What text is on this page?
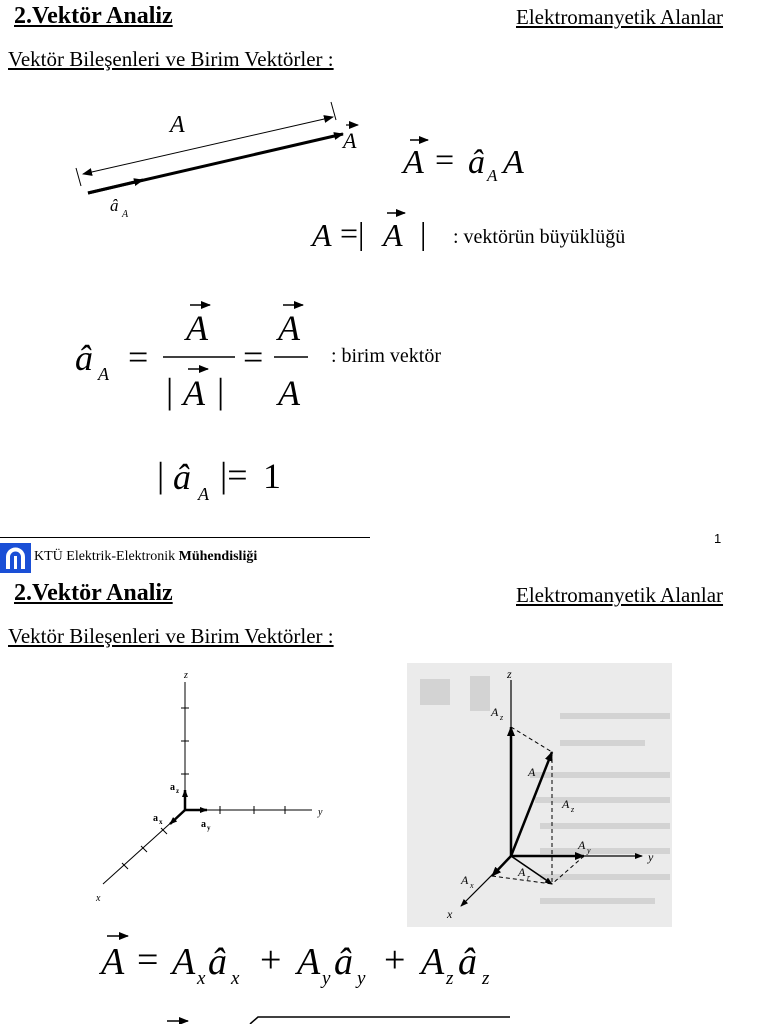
2.Vektör Analiz	Elektromanyetik Alanlar
Vektör Bileşenleri ve Birim Vektörler :
A
A
â A
A = â A A
A =| A |
â A =
A
| A |
=
A
A
| â A |= 1
: vektörün büyüklüğü
: birim vektör
1
KTÜ Elektrik-Elektronik Mühendisliği
2.Vektör Analiz	Elektromanyetik Alanlar
Vektör Bileşenleri ve Birim Vektörler :
z
y
x
a z
a y
a x
z
y
x
A
A z
A z
A y
A x
A r
A = A x â x + A y â y + A z â z
